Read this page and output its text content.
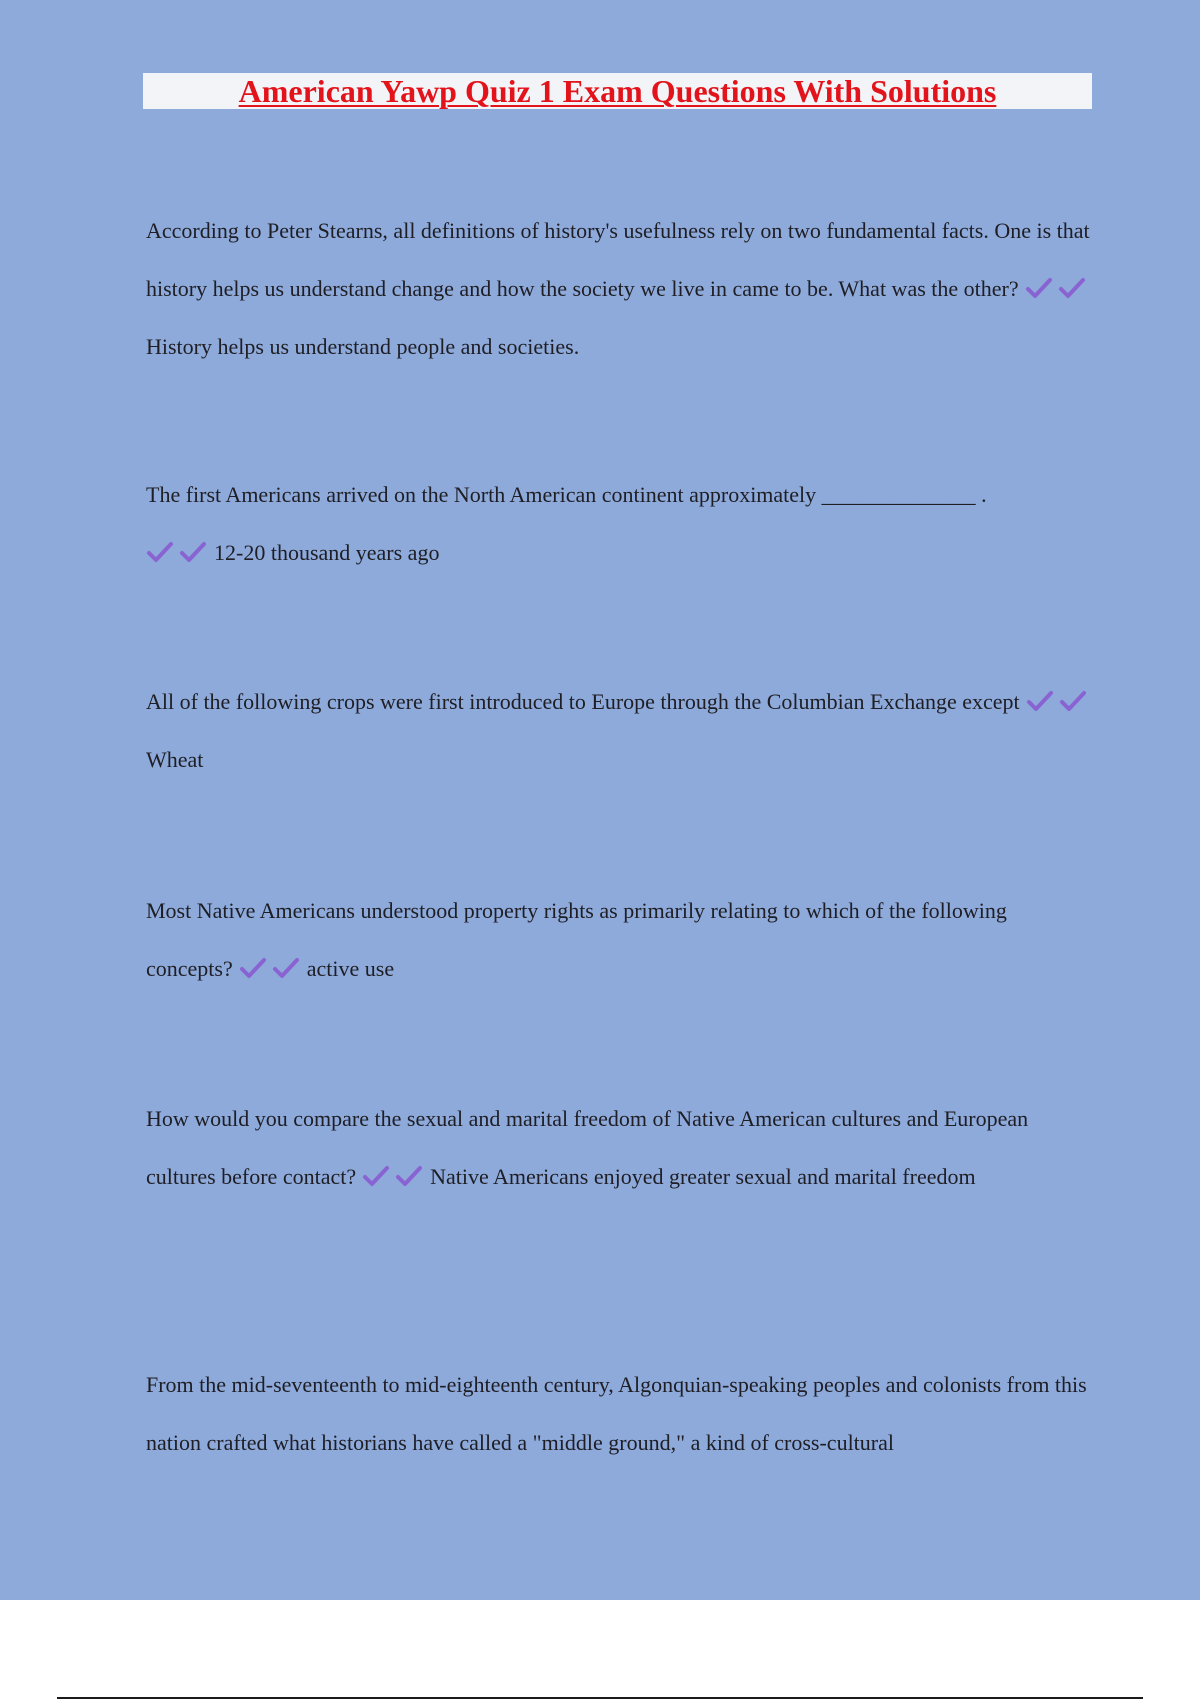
American Yawp Quiz 1 Exam Questions With Solutions

According to Peter Stearns, all definitions of history's usefulness rely on two fundamental facts. One is that history helps us understand change and how the society we live in came to be. What was the other?
History helps us understand people and societies.

The first Americans arrived on the North American continent approximately ______________ .

12-20 thousand years ago

All of the following crops were first introduced to Europe through the Columbian Exchange except
Wheat

Most Native Americans understood property rights as primarily relating to which of the following concepts?	active use

How would you compare the sexual and marital freedom of Native American cultures and European cultures before contact?	Native Americans enjoyed greater sexual and marital freedom

From the mid-seventeenth to mid-eighteenth century, Algonquian-speaking peoples and colonists from this nation crafted what historians have called a "middle ground," a kind of cross-cultural
